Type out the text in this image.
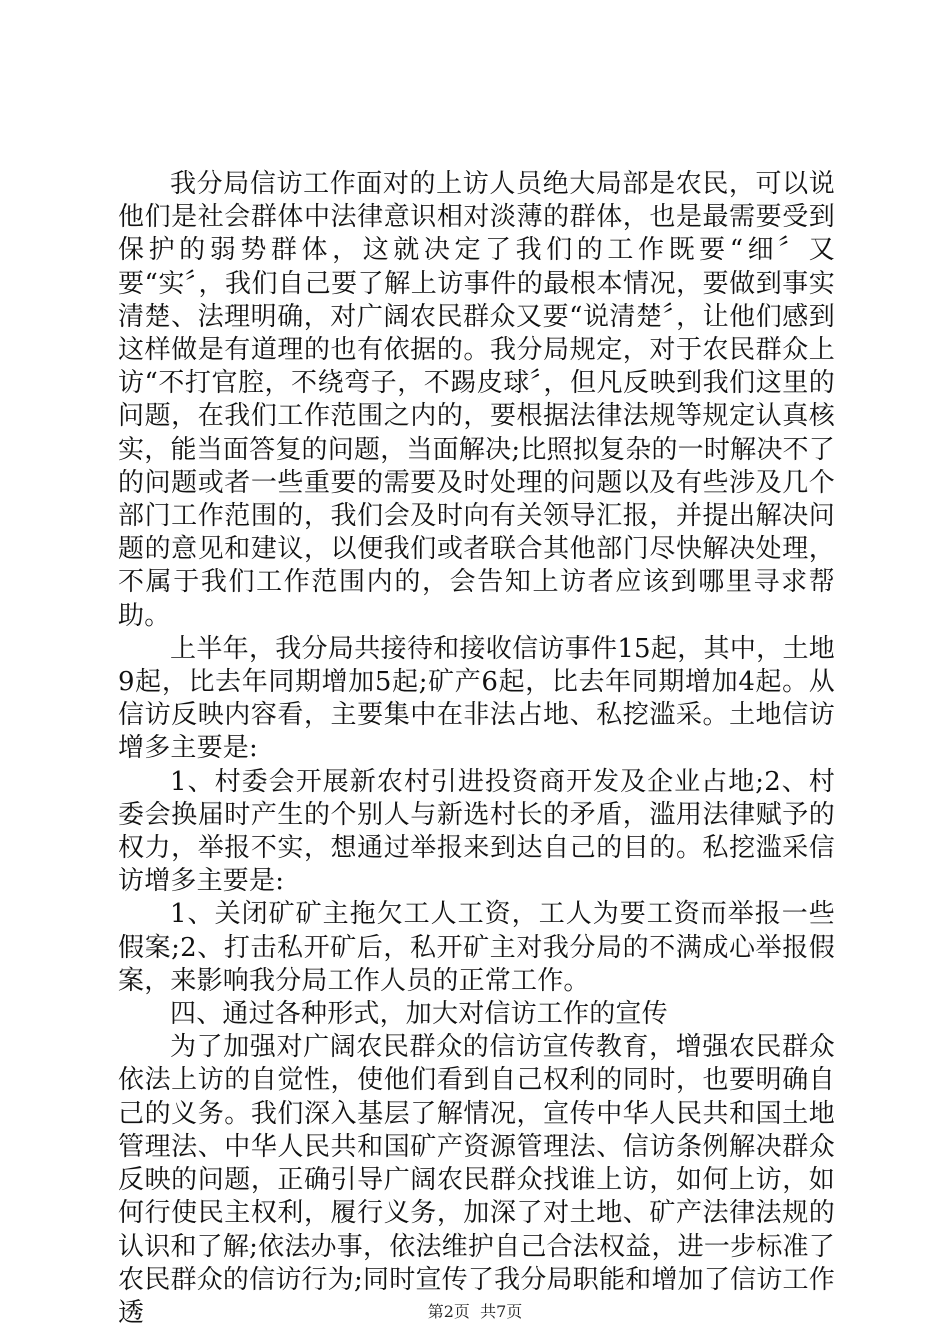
我分局信访工作面对的上访人员绝大局部是农民，可以说他们是社会群体中法律意识相对淡薄的群体，也是最需要受到保护的弱势群体，这就决定了我们的工作既要“细〞又要“实〞，我们自己要了解上访事件的最根本情况，要做到事实清楚、法理明确，对广阔农民群众又要“说清楚〞，让他们感到这样做是有道理的也有依据的。我分局规定，对于农民群众上访“不打官腔，不绕弯子，不踢皮球〞，但凡反映到我们这里的问题，在我们工作范围之内的，要根据法律法规等规定认真核实，能当面答复的问题，当面解决;比照拟复杂的一时解决不了的问题或者一些重要的需要及时处理的问题以及有些涉及几个部门工作范围的，我们会及时向有关领导汇报，并提出解决问题的意见和建议，以便我们或者联合其他部门尽快解决处理，不属于我们工作范围内的，会告知上访者应该到哪里寻求帮助。

上半年，我分局共接待和接收信访事件15起，其中，土地9起，比去年同期增加5起;矿产6起，比去年同期增加4起。从信访反映内容看，主要集中在非法占地、私挖滥采。土地信访增多主要是:

1、村委会开展新农村引进投资商开发及企业占地;2、村委会换届时产生的个别人与新选村长的矛盾，滥用法律赋予的权力，举报不实，想通过举报来到达自己的目的。私挖滥采信访增多主要是:

1、关闭矿矿主拖欠工人工资，工人为要工资而举报一些假案;2、打击私开矿后，私开矿主对我分局的不满成心举报假案，来影响我分局工作人员的正常工作。

四、通过各种形式，加大对信访工作的宣传

为了加强对广阔农民群众的信访宣传教育，增强农民群众依法上访的自觉性，使他们看到自己权利的同时，也要明确自己的义务。我们深入基层了解情况，宣传中华人民共和国土地管理法、中华人民共和国矿产资源管理法、信访条例解决群众反映的问题，正确引导广阔农民群众找谁上访，如何上访，如何行使民主权利，履行义务，加深了对土地、矿产法律法规的认识和了解;依法办事，依法维护自己合法权益，进一步标准了农民群众的信访行为;同时宣传了我分局职能和增加了信访工作透	第2页  共7页
